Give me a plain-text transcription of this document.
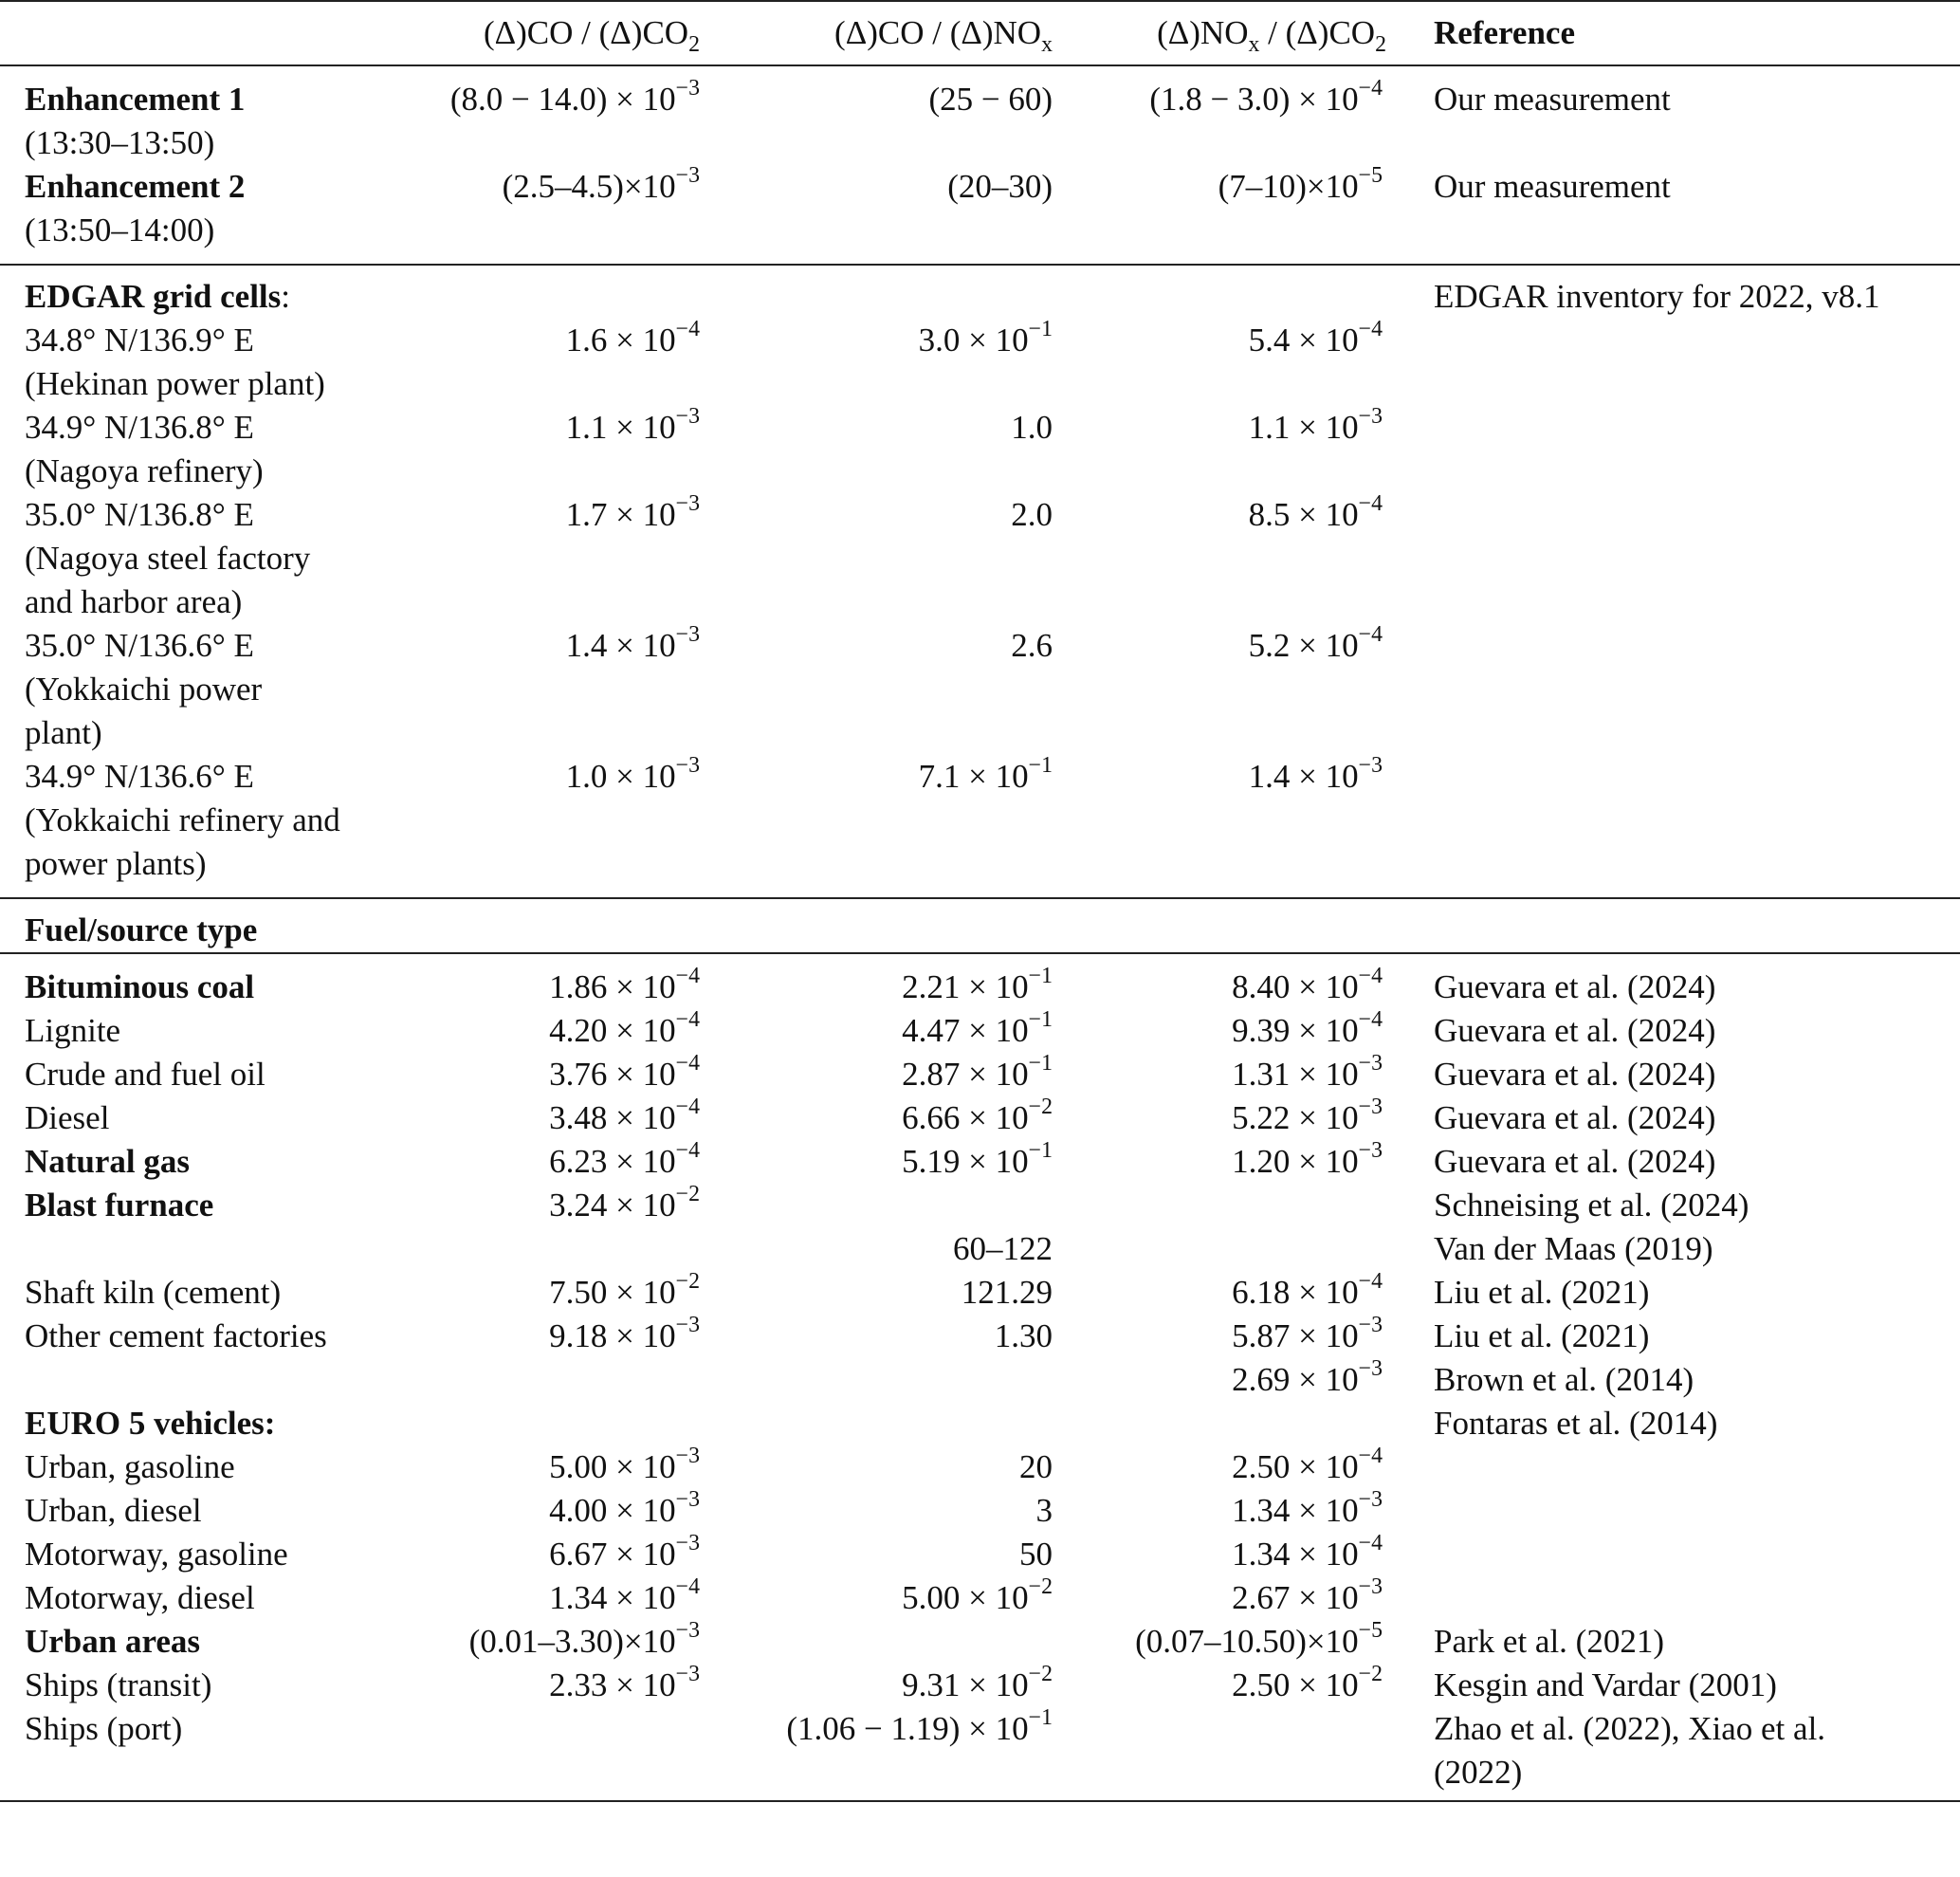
	$(\Delta)CO / (\Delta)CO_2$	$(\Delta)CO / (\Delta)NO_x$	$(\Delta)NO_x / (\Delta)CO_2$	Reference

Enhancement 1
(13:30–13:50)	$(8.0 - 14.0) \times 10^{-3}$	(25 − 60)	$(1.8 - 3.0) \times 10^{-4}$	Our measurement
Enhancement 2
(13:50–14:00)	$(2.5-4.5)\times 10^{-3}$	(20–30)	$(7-10)\times 10^{-5}$	Our measurement

EDGAR grid cells:				EDGAR inventory for 2022, v8.1
34.8° N/136.9° E
(Hekinan power plant)	$1.6 \times 10^{-4}$	$3.0 \times 10^{-1}$	$5.4 \times 10^{-4}$	
34.9° N/136.8° E
(Nagoya refinery)	$1.1 \times 10^{-3}$	1.0	$1.1 \times 10^{-3}$	
35.0° N/136.8° E
(Nagoya steel factory
and harbor area)	$1.7 \times 10^{-3}$	2.0	$8.5 \times 10^{-4}$	
35.0° N/136.6° E
(Yokkaichi power
plant)	$1.4 \times 10^{-3}$	2.6	$5.2 \times 10^{-4}$	
34.9° N/136.6° E
(Yokkaichi refinery and
power plants)	$1.0 \times 10^{-3}$	$7.1 \times 10^{-1}$	$1.4 \times 10^{-3}$	

Fuel/source type				

Bituminous coal	$1.86 \times 10^{-4}$	$2.21 \times 10^{-1}$	$8.40 \times 10^{-4}$	Guevara et al. (2024)
Lignite	$4.20 \times 10^{-4}$	$4.47 \times 10^{-1}$	$9.39 \times 10^{-4}$	Guevara et al. (2024)
Crude and fuel oil	$3.76 \times 10^{-4}$	$2.87 \times 10^{-1}$	$1.31 \times 10^{-3}$	Guevara et al. (2024)
Diesel	$3.48 \times 10^{-4}$	$6.66 \times 10^{-2}$	$5.22 \times 10^{-3}$	Guevara et al. (2024)
Natural gas	$6.23 \times 10^{-4}$	$5.19 \times 10^{-1}$	$1.20 \times 10^{-3}$	Guevara et al. (2024)
Blast furnace	$3.24 \times 10^{-2}$			Schneising et al. (2024)
		60–122		Van der Maas (2019)
Shaft kiln (cement)	$7.50 \times 10^{-2}$	121.29	$6.18 \times 10^{-4}$	Liu et al. (2021)
Other cement factories	$9.18 \times 10^{-3}$	1.30	$5.87 \times 10^{-3}$	Liu et al. (2021)
			$2.69 \times 10^{-3}$	Brown et al. (2014)
EURO 5 vehicles:				Fontaras et al. (2014)
Urban, gasoline	$5.00 \times 10^{-3}$	20	$2.50 \times 10^{-4}$	
Urban, diesel	$4.00 \times 10^{-3}$	3	$1.34 \times 10^{-3}$	
Motorway, gasoline	$6.67 \times 10^{-3}$	50	$1.34 \times 10^{-4}$	
Motorway, diesel	$1.34 \times 10^{-4}$	$5.00 \times 10^{-2}$	$2.67 \times 10^{-3}$	
Urban areas	$(0.01-3.30)\times 10^{-3}$		$(0.07-10.50)\times 10^{-5}$	Park et al. (2021)
Ships (transit)	$2.33 \times 10^{-3}$	$9.31 \times 10^{-2}$	$2.50 \times 10^{-2}$	Kesgin and Vardar (2001)
Ships (port)		$(1.06 - 1.19) \times 10^{-1}$		Zhao et al. (2022), Xiao et al.
(2022)
